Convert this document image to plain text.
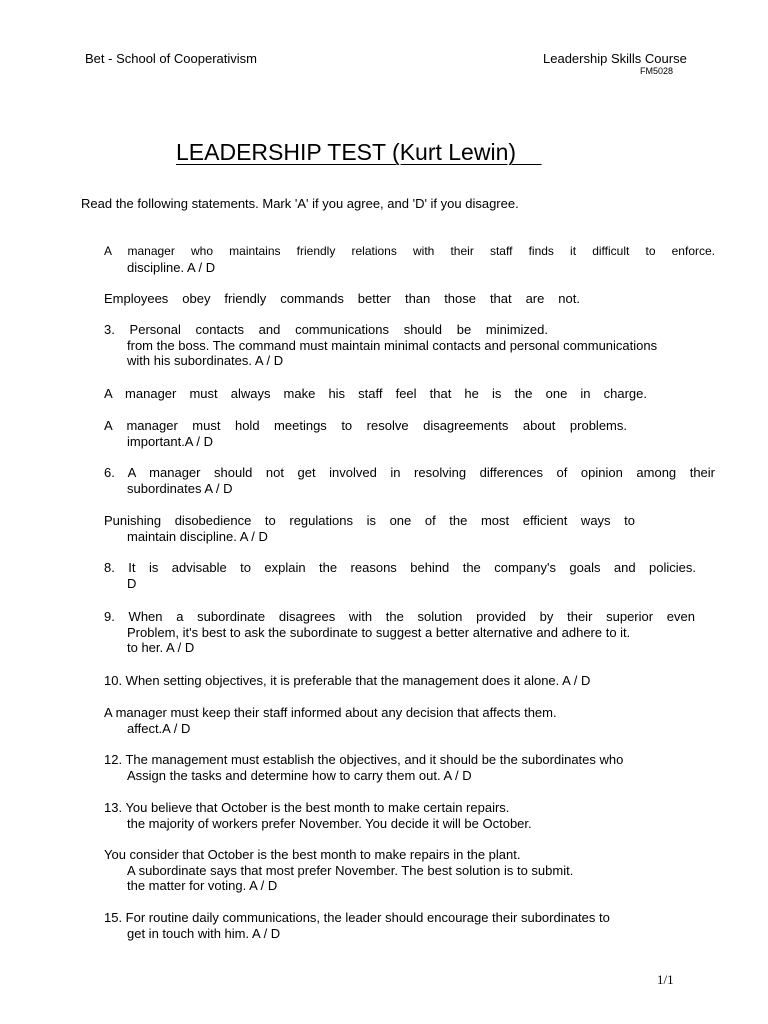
Bet - School of Cooperativism	Leadership Skills Course
FM5028
LEADERSHIP TEST (Kurt Lewin)
Read the following statements. Mark 'A' if you agree, and 'D' if you disagree.
A manager who maintains friendly relations with their staff finds it difficult to enforce.
discipline. A / D
Employees obey friendly commands better than those that are not.
3. Personal contacts and communications should be minimized.
from the boss. The command must maintain minimal contacts and personal communications
with his subordinates. A / D
A manager must always make his staff feel that he is the one in charge.
A manager must hold meetings to resolve disagreements about problems.
important.A / D
6. A manager should not get involved in resolving differences of opinion among their
subordinates A / D
Punishing disobedience to regulations is one of the most efficient ways to
maintain discipline. A / D
8. It is advisable to explain the reasons behind the company's goals and policies.
D
9. When a subordinate disagrees with the solution provided by their superior even
Problem, it's best to ask the subordinate to suggest a better alternative and adhere to it.
to her. A / D
10. When setting objectives, it is preferable that the management does it alone. A / D
A manager must keep their staff informed about any decision that affects them.
affect.A / D
12. The management must establish the objectives, and it should be the subordinates who
Assign the tasks and determine how to carry them out. A / D
13. You believe that October is the best month to make certain repairs.
the majority of workers prefer November. You decide it will be October.
You consider that October is the best month to make repairs in the plant.
A subordinate says that most prefer November. The best solution is to submit.
the matter for voting. A / D
15. For routine daily communications, the leader should encourage their subordinates to
get in touch with him. A / D
1/1
